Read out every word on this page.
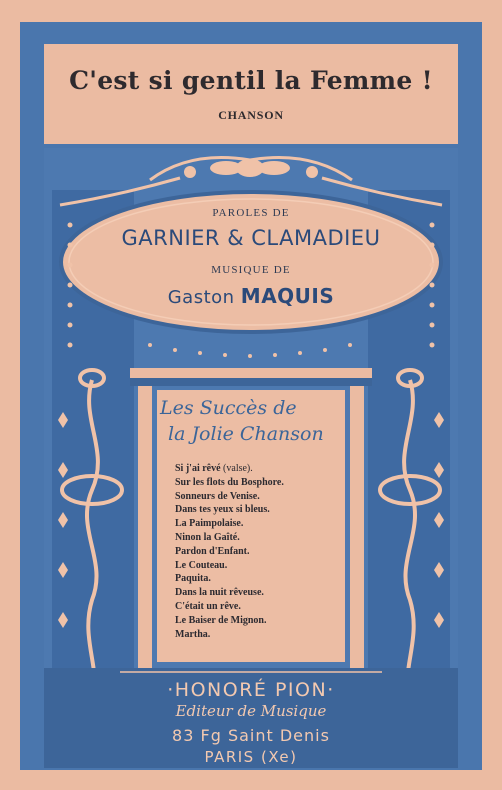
C'est si gentil la Femme !
CHANSON
PAROLES DE
GARNIER & CLAMADIEU
MUSIQUE DE
Gaston MAQUIS
Les Succès de
la Jolie Chanson
Si j'ai rêvé (valse).
Sur les flots du Bosphore.
Sonneurs de Venise.
Dans tes yeux si bleus.
La Paimpolaise.
Ninon la Gaîté.
Pardon d'Enfant.
Le Couteau.
Paquita.
Dans la nuit rêveuse.
C'était un rêve.
Le Baiser de Mignon.
Martha.
·HONORÉ PION·
Editeur de Musique
83 Fg Saint Denis
PARIS (Xe)
